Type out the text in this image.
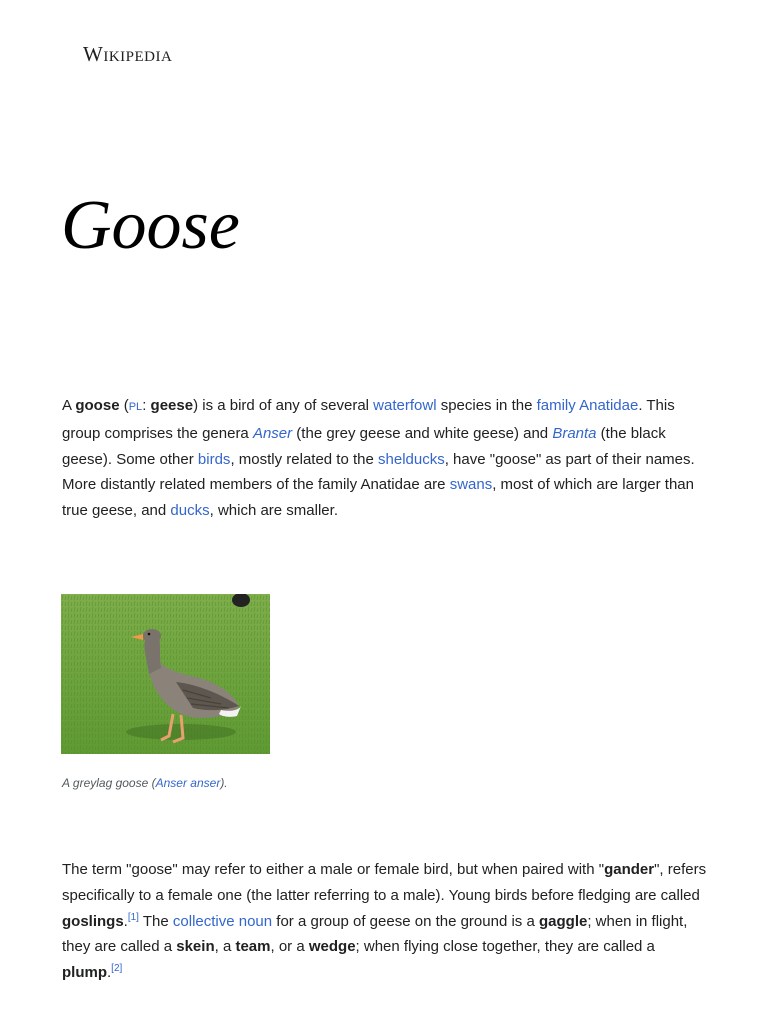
Wikipedia
Goose

A goose (PL: geese) is a bird of any of several waterfowl species in the family Anatidae. This group comprises the genera Anser (the grey geese and white geese) and Branta (the black geese). Some other birds, mostly related to the shelducks, have "goose" as part of their names. More distantly related members of the family Anatidae are swans, most of which are larger than true geese, and ducks, which are smaller.

A greylag goose (Anser anser).

The term "goose" may refer to either a male or female bird, but when paired with "gander", refers specifically to a female one (the latter referring to a male). Young birds before fledging are called goslings.[1] The collective noun for a group of geese on the ground is a gaggle; when in flight, they are called a skein, a team, or a wedge; when flying close together, they are called a plump.[2]
